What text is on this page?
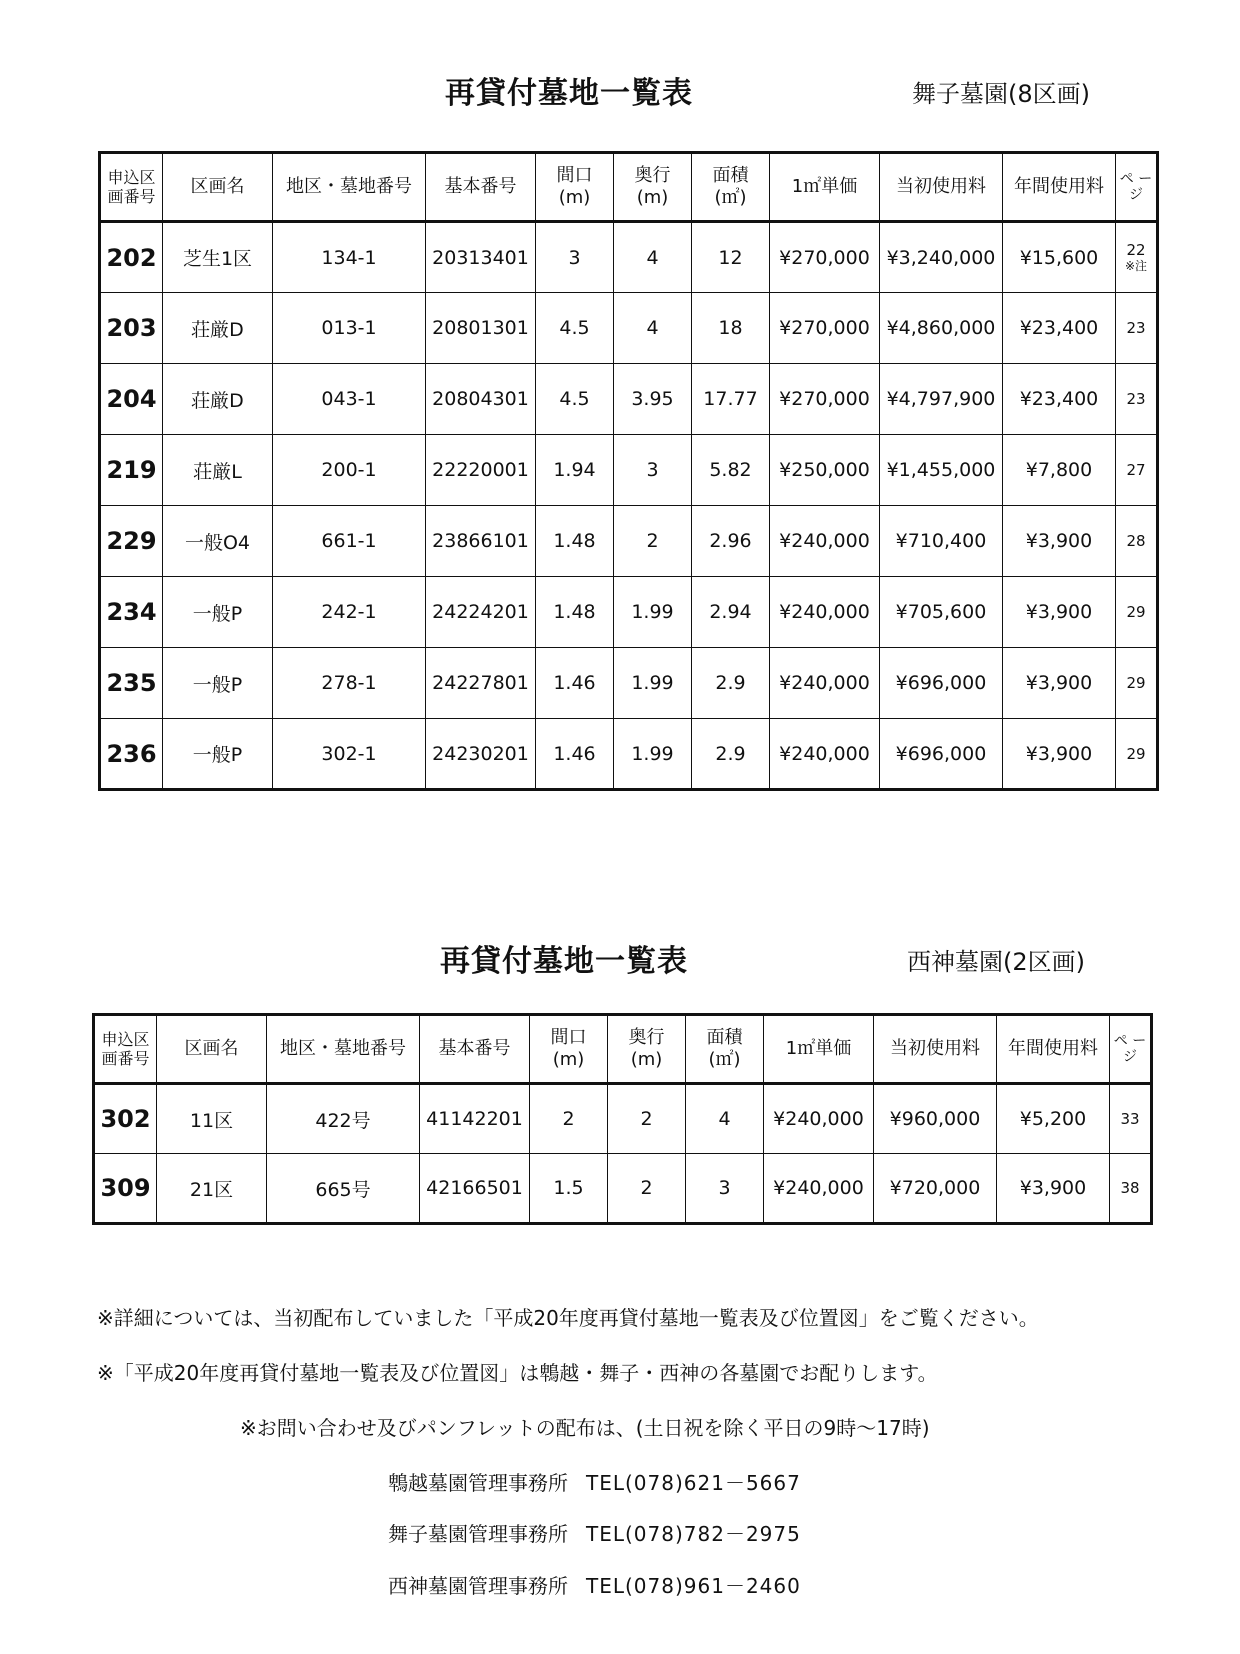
再貸付墓地一覧表	舞子墓園(8区画)
申込区
画番号	区画名	地区・墓地番号	基本番号	間口
(m)	奥行
(m)	面積
(㎡)	1㎡単価	当初使用料	年間使用料	ペ ー ジ
202	芝生1区	134-1	20313401	3	4	12	¥270,000	¥3,240,000	¥15,600	22
※注

203	荘厳D	013-1	20801301	4.5	4	18	¥270,000	¥4,860,000	¥23,400	23
204	荘厳D	043-1	20804301	4.5	3.95	17.77	¥270,000	¥4,797,900	¥23,400	23
219	荘厳L	200-1	22220001	1.94	3	5.82	¥250,000	¥1,455,000	¥7,800	27
229	一般O4	661-1	23866101	1.48	2	2.96	¥240,000	¥710,400	¥3,900	28
234	一般P	242-1	24224201	1.48	1.99	2.94	¥240,000	¥705,600	¥3,900	29
235	一般P	278-1	24227801	1.46	1.99	2.9	¥240,000	¥696,000	¥3,900	29
236	一般P	302-1	24230201	1.46	1.99	2.9	¥240,000	¥696,000	¥3,900	29
再貸付墓地一覧表	西神墓園(2区画)
申込区
画番号	区画名	地区・墓地番号	基本番号	間口
(m)	奥行
(m)	面積
(㎡)	1㎡単価	当初使用料	年間使用料	ペ ー ジ
302	11区	422号	41142201	2	2	4	¥240,000	¥960,000	¥5,200	33
309	21区	665号	42166501	1.5	2	3	¥240,000	¥720,000	¥3,900	38
※詳細については、当初配布していました「平成20年度再貸付墓地一覧表及び位置図」をご覧ください。
※「平成20年度再貸付墓地一覧表及び位置図」は鵯越・舞子・西神の各墓園でお配りします。
※お問い合わせ及びパンフレットの配布は、(土日祝を除く平日の9時～17時)
鵯越墓園管理事務所 TEL(078)621－5667
舞子墓園管理事務所 TEL(078)782－2975
西神墓園管理事務所 TEL(078)961－2460
